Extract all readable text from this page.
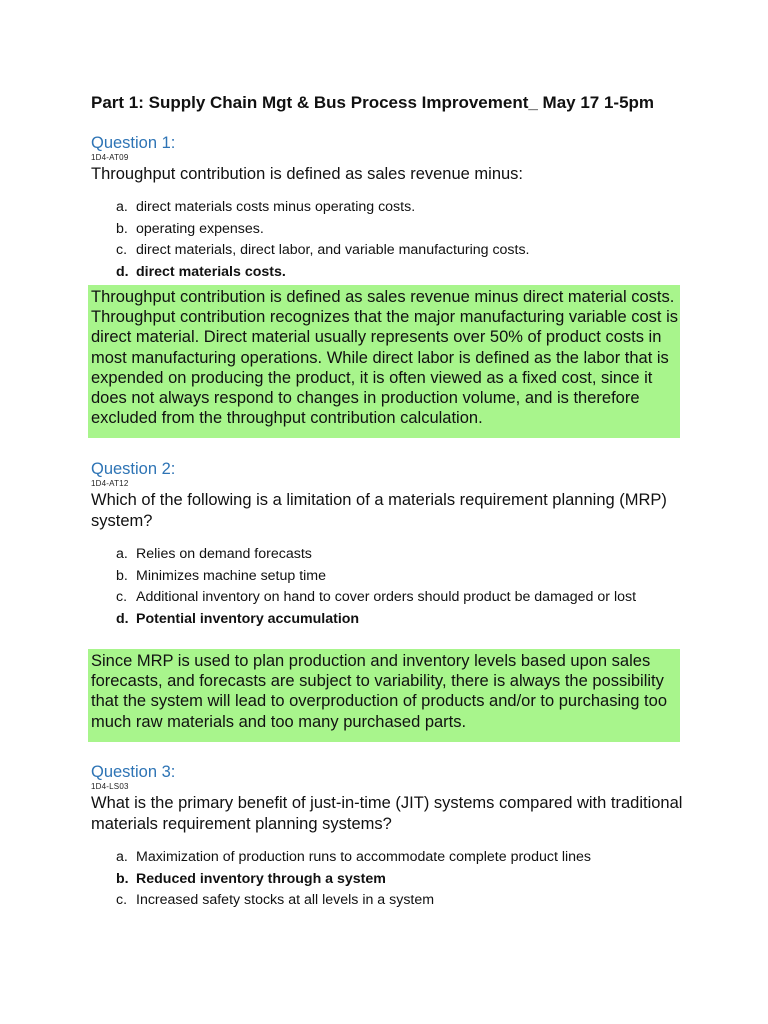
Part 1: Supply Chain Mgt & Bus Process Improvement_ May 17 1-5pm

Question 1:

1D4-AT09

Throughput contribution is defined as sales revenue minus:

a. direct materials costs minus operating costs.
b. operating expenses.
c. direct materials, direct labor, and variable manufacturing costs.
d. direct materials costs.
Throughput contribution is defined as sales revenue minus direct material costs. Throughput contribution recognizes that the major manufacturing variable cost is direct material. Direct material usually represents over 50% of product costs in most manufacturing operations. While direct labor is defined as the labor that is expended on producing the product, it is often viewed as a fixed cost, since it does not always respond to changes in production volume, and is therefore excluded from the throughput contribution calculation.

Question 2:

1D4-AT12

Which of the following is a limitation of a materials requirement planning (MRP) system?

a. Relies on demand forecasts
b. Minimizes machine setup time
c. Additional inventory on hand to cover orders should product be damaged or lost
d. Potential inventory accumulation
Since MRP is used to plan production and inventory levels based upon sales forecasts, and forecasts are subject to variability, there is always the possibility that the system will lead to overproduction of products and/or to purchasing too much raw materials and too many purchased parts.

Question 3:

1D4-LS03

What is the primary benefit of just-in-time (JIT) systems compared with traditional materials requirement planning systems?

a. Maximization of production runs to accommodate complete product lines
b. Reduced inventory through a system
c. Increased safety stocks at all levels in a system
